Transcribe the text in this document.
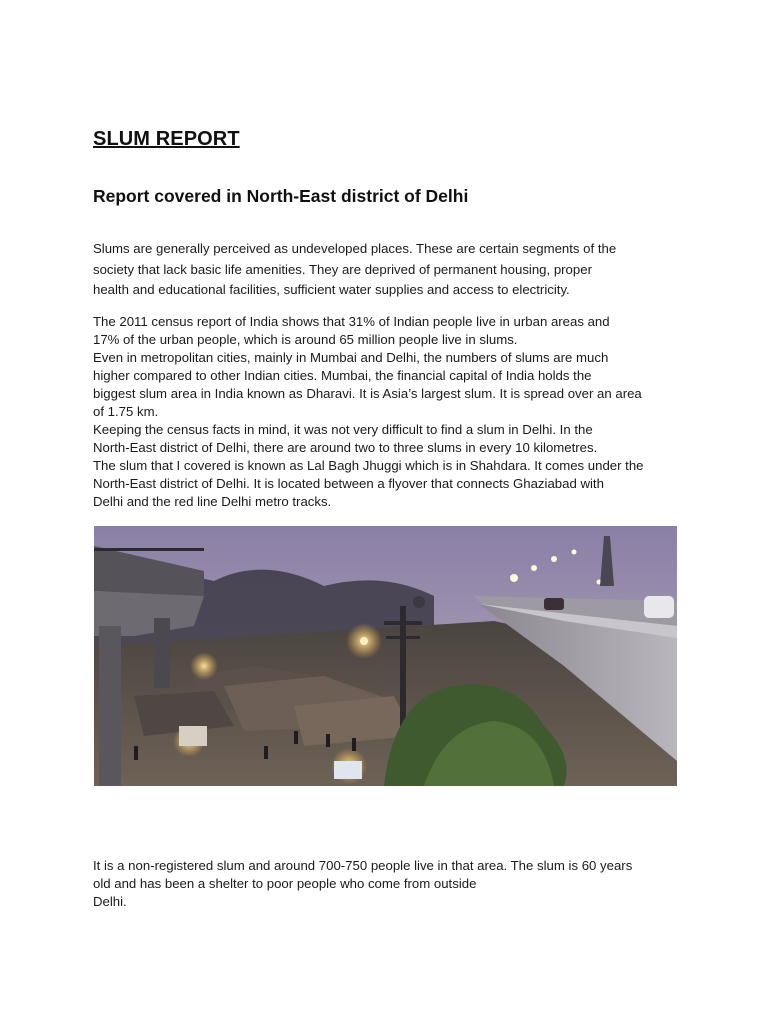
SLUM REPORT
Report covered in North-East district of Delhi
Slums are generally perceived as undeveloped places. These are certain segments of the
society that lack basic life amenities. They are deprived of permanent housing, proper
health and educational facilities, sufficient water supplies and access to electricity.
The 2011 census report of India shows that 31% of Indian people live in urban areas and
17% of the urban people, which is around 65 million people live in slums.
Even in metropolitan cities, mainly in Mumbai and Delhi, the numbers of slums are much
higher compared to other Indian cities. Mumbai, the financial capital of India holds the
biggest slum area in India known as Dharavi. It is Asia’s largest slum. It is spread over an area
of 1.75 km.
Keeping the census facts in mind, it was not very difficult to find a slum in Delhi. In the
North-East district of Delhi, there are around two to three slums in every 10 kilometres.
The slum that I covered is known as Lal Bagh Jhuggi which is in Shahdara. It comes under the
North-East district of Delhi. It is located between a flyover that connects Ghaziabad with
Delhi and the red line Delhi metro tracks.
It is a non-registered slum and around 700-750 people live in that area. The slum is 60 years
old and has been a shelter to poor people who come from outside
Delhi.
